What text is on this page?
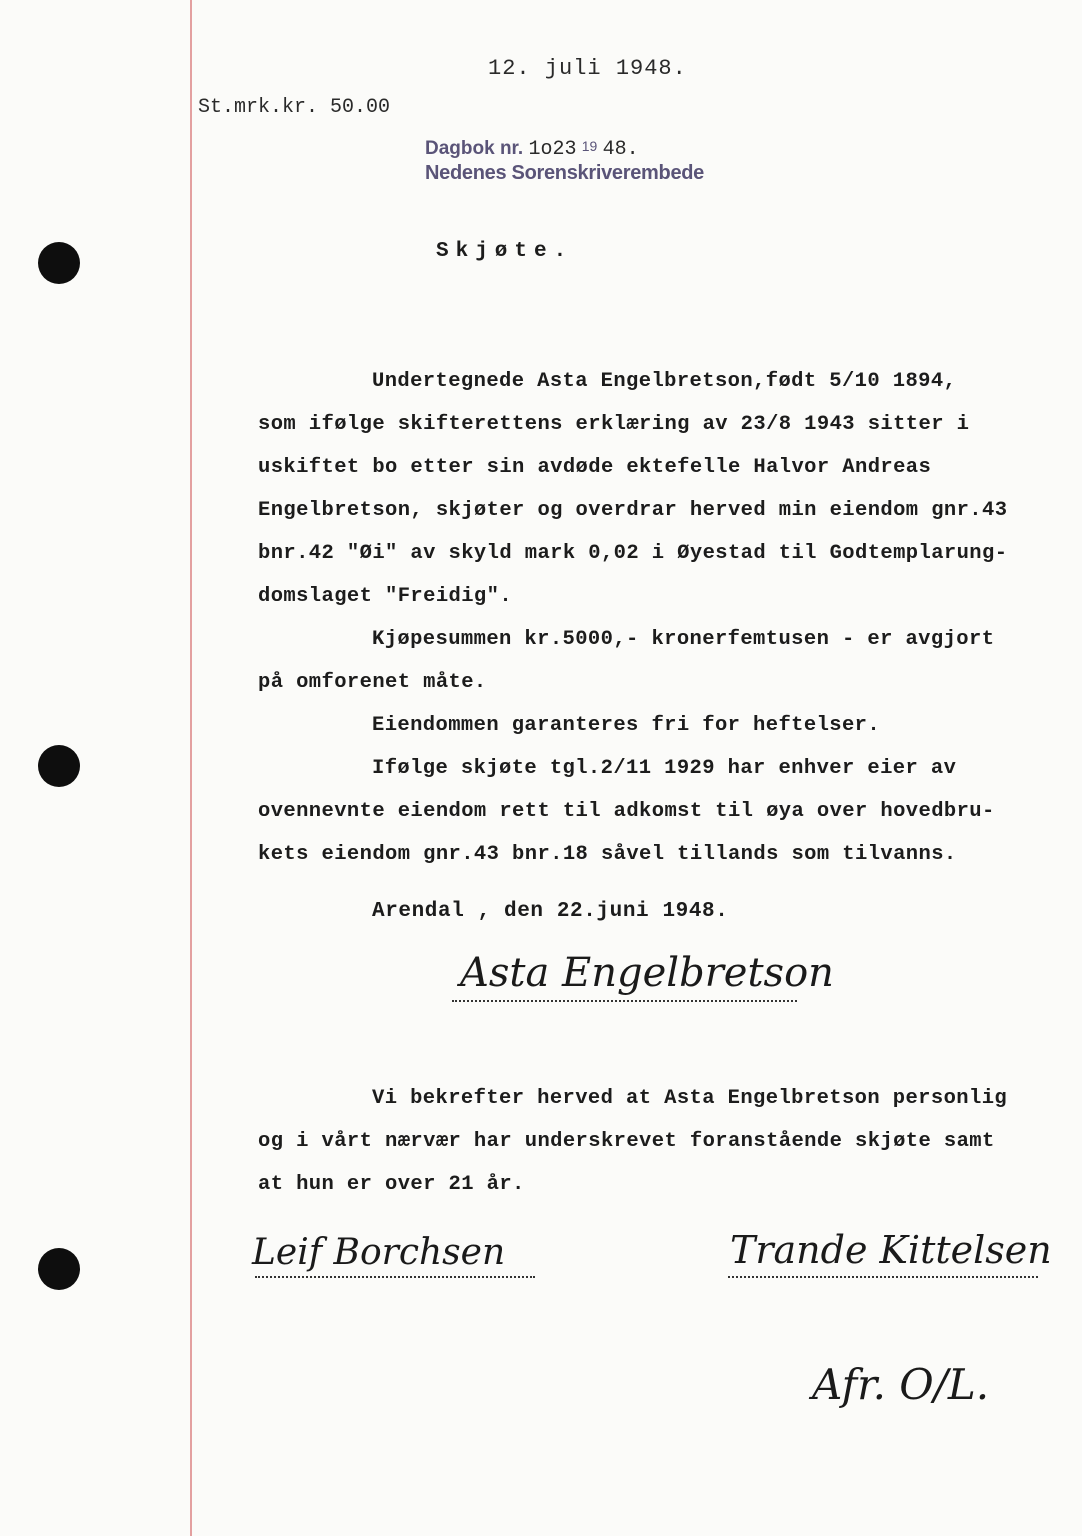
12. juli 1948.
St.mrk.kr. 50.00
Dagbok nr. 1o23 $^{19}$ 48.
Nedenes Sorenskriverembede
Skjøte.
Undertegnede Asta Engelbretson,født 5/10 1894,
som ifølge skifterettens erklæring av 23/8 1943 sitter i
uskiftet bo etter sin avdøde ektefelle Halvor Andreas
Engelbretson, skjøter og overdrar herved min eiendom gnr.43
bnr.42 "Øi" av skyld mark 0,02 i Øyestad til Godtemplarung-
domslaget "Freidig".
Kjøpesummen kr.5000,- kronerfemtusen - er avgjort
på omforenet måte.
Eiendommen garanteres fri for heftelser.
Ifølge skjøte tgl.2/11 1929 har enhver eier av
ovennevnte eiendom rett til adkomst til øya over hovedbru-
kets eiendom gnr.43 bnr.18 såvel tillands som tilvanns.
Arendal , den 22.juni 1948.
Asta Engelbretson
Vi bekrefter herved at Asta Engelbretson personlig
og i vårt nærvær har underskrevet foranstående skjøte samt
at hun er over 21 år.
Leif Borchsen	Trande Kittelsen
Afr. O/L.
